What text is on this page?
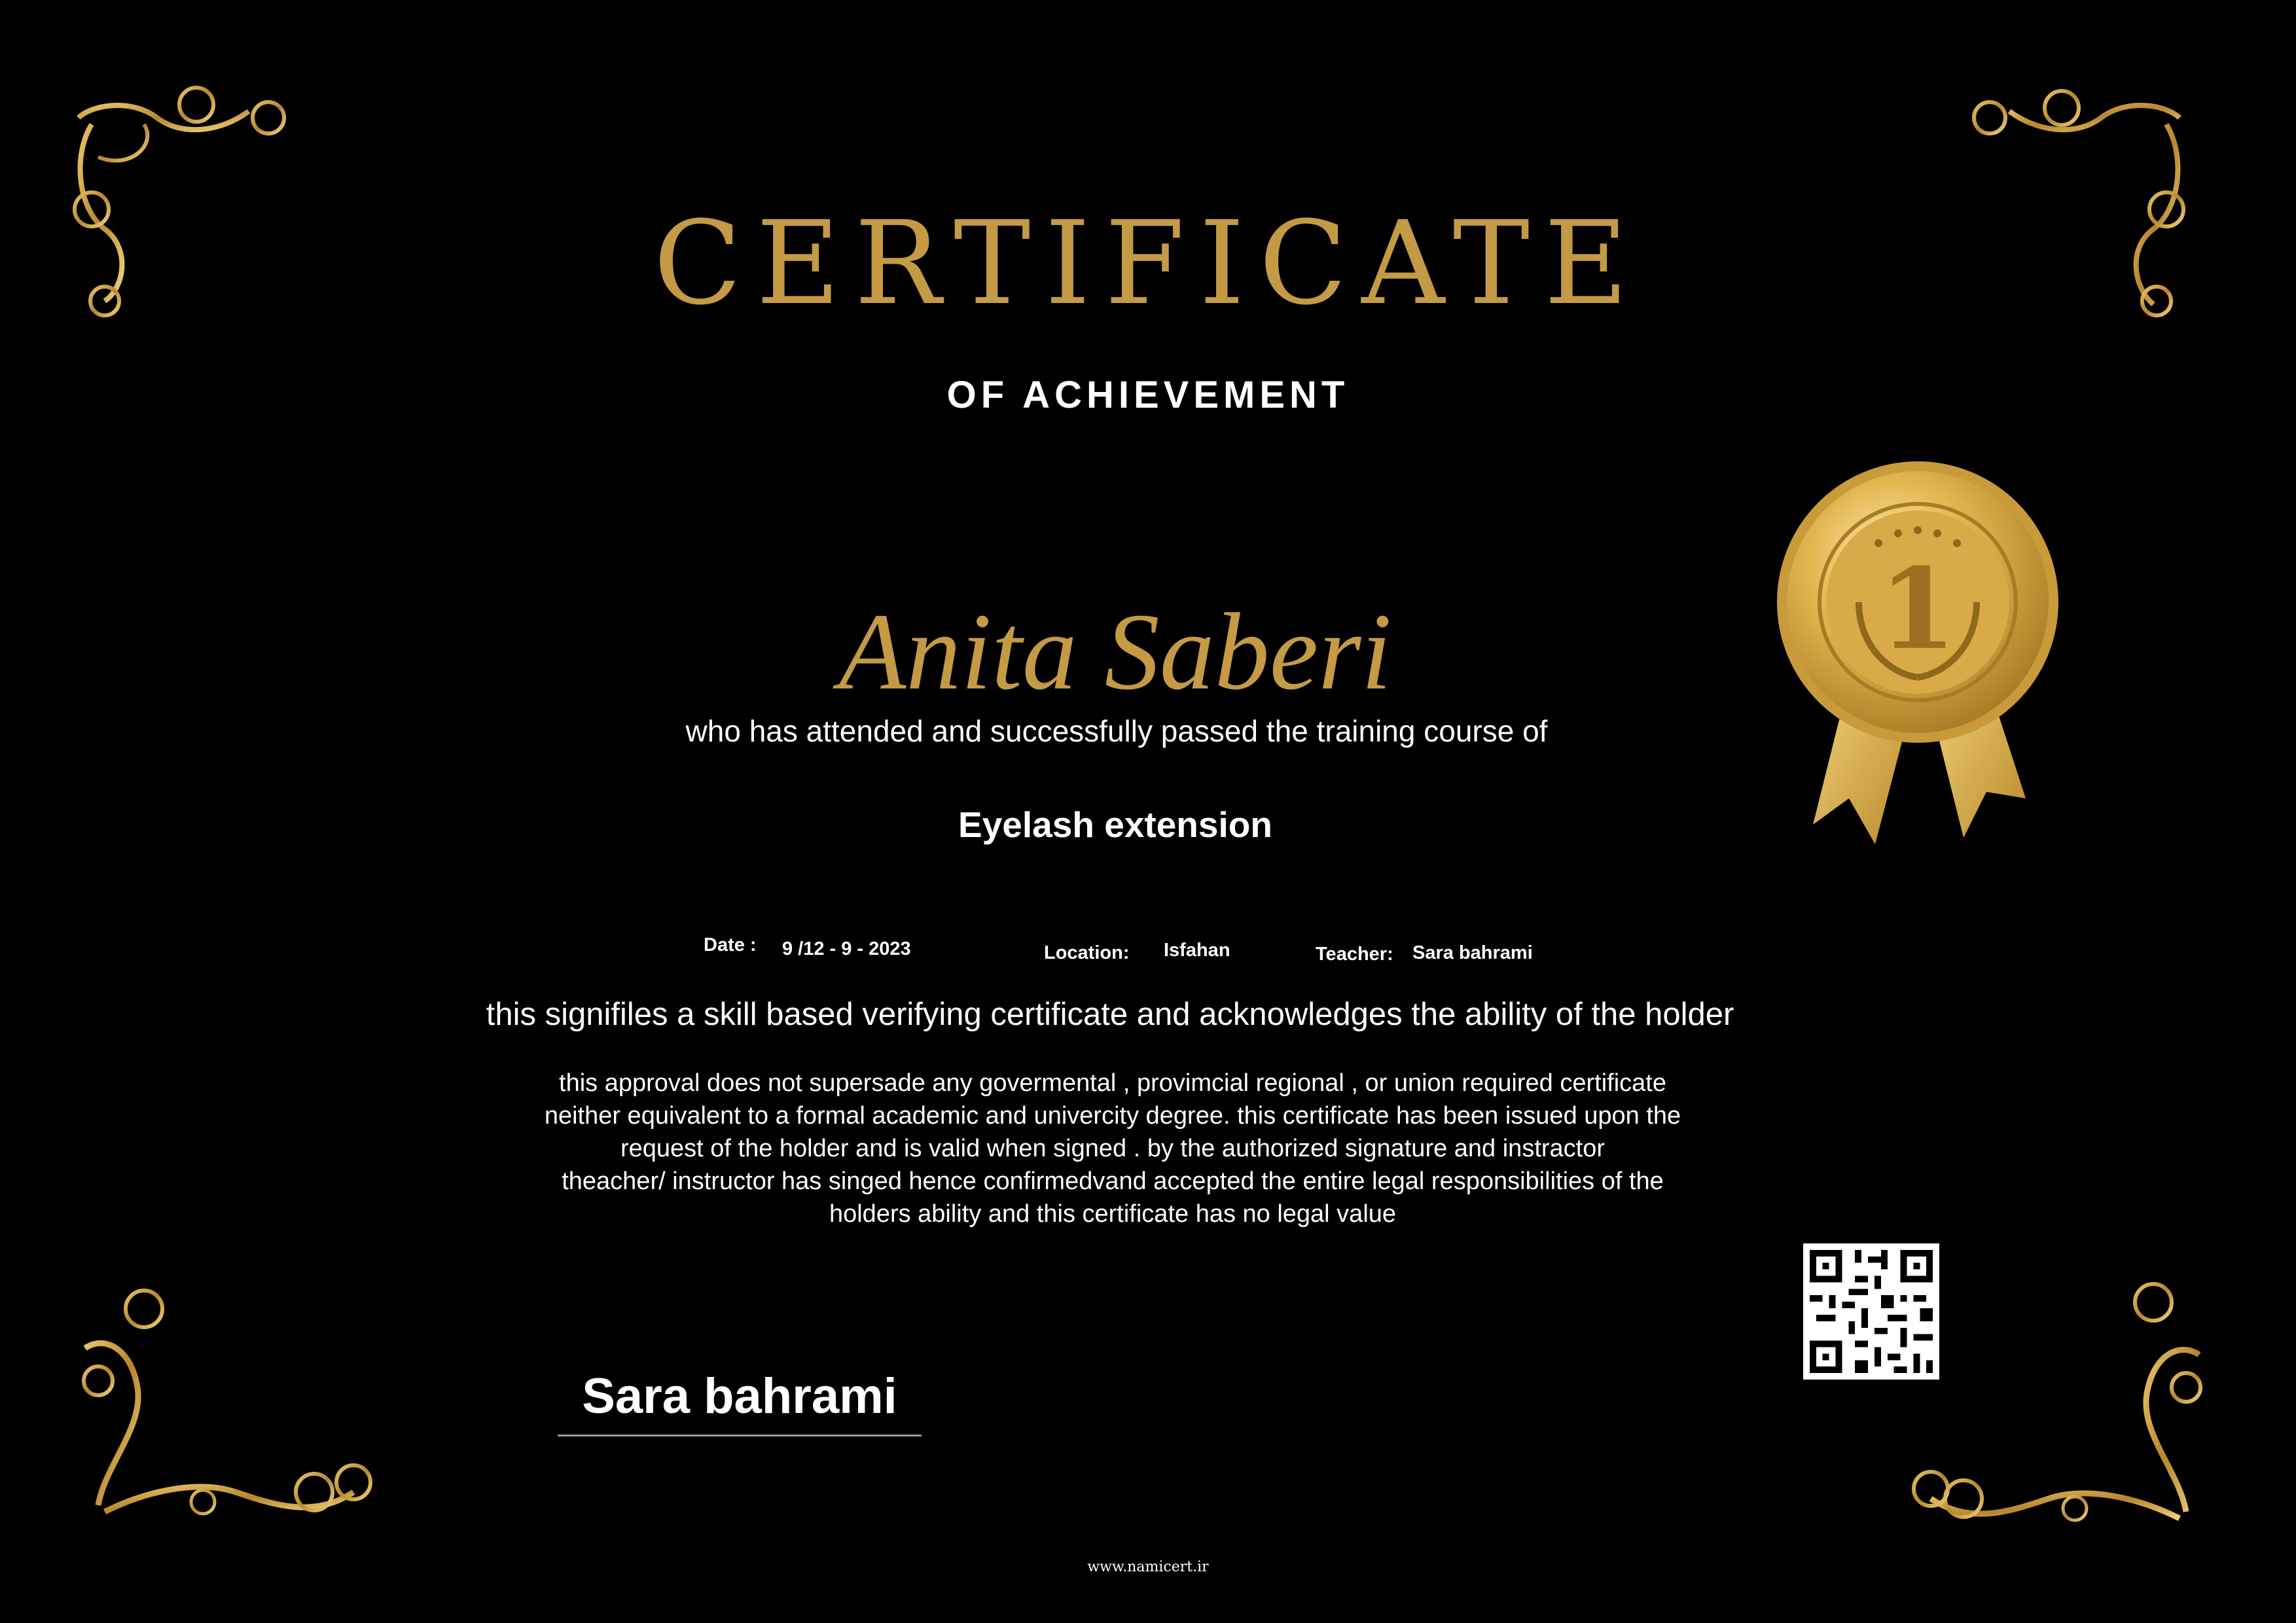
CERTIFICATE
OF ACHIEVEMENT
1
Anita Saberi
who has attended and successfully passed the training course of
Eyelash extension
Date : 9 /12 - 9 - 2023	Location: Isfahan	Teacher: Sara bahrami
this signifiles a skill based verifying certificate and acknowledges the ability of the holder
this approval does not supersade any govermental , provimcial regional , or union required certificate
neither equivalent to a formal academic and univercity degree. this certificate has been issued upon the
request of the holder and is valid when signed . by the authorized signature and instractor
theacher/ instructor has singed hence confirmedvand accepted the entire legal responsibilities of the
holders ability and this certificate has no legal value
Sara bahrami
www.namicert.ir
